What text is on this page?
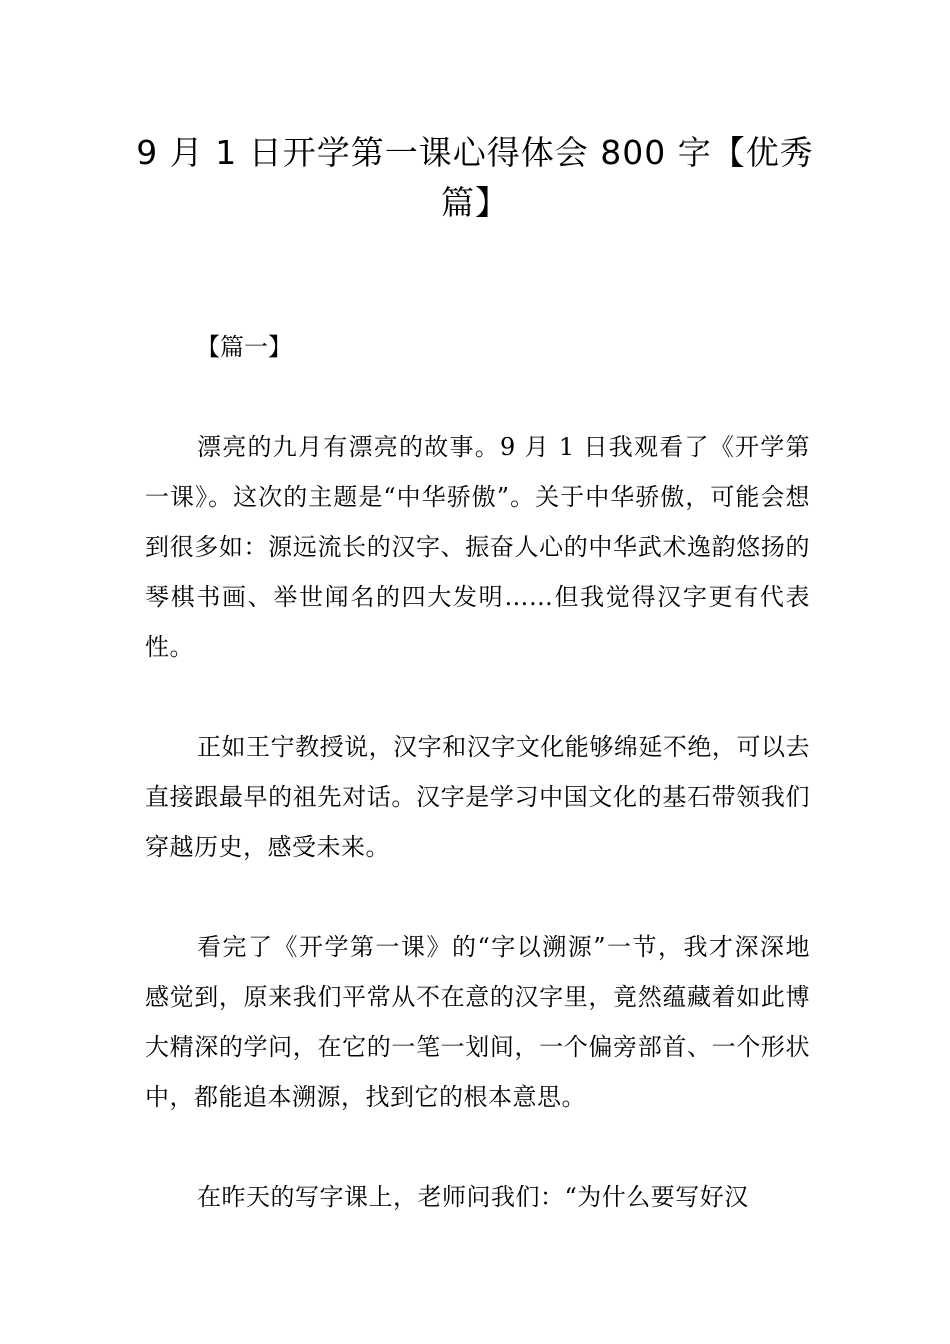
9 月 1 日开学第一课心得体会 800 字【优秀篇】
【篇一】
漂亮的九月有漂亮的故事。9 月 1 日我观看了《开学第一课》。这次的主题是“中华骄傲”。关于中华骄傲，可能会想到很多如：源远流长的汉字、振奋人心的中华武术逸韵悠扬的琴棋书画、举世闻名的四大发明……但我觉得汉字更有代表性。
正如王宁教授说，汉字和汉字文化能够绵延不绝，可以去直接跟最早的祖先对话。汉字是学习中国文化的基石带领我们穿越历史，感受未来。
看完了《开学第一课》的“字以溯源”一节，我才深深地感觉到，原来我们平常从不在意的汉字里，竟然蕴藏着如此博大精深的学问，在它的一笔一划间，一个偏旁部首、一个形状中，都能追本溯源，找到它的根本意思。
在昨天的写字课上，老师问我们：“为什么要写好汉
